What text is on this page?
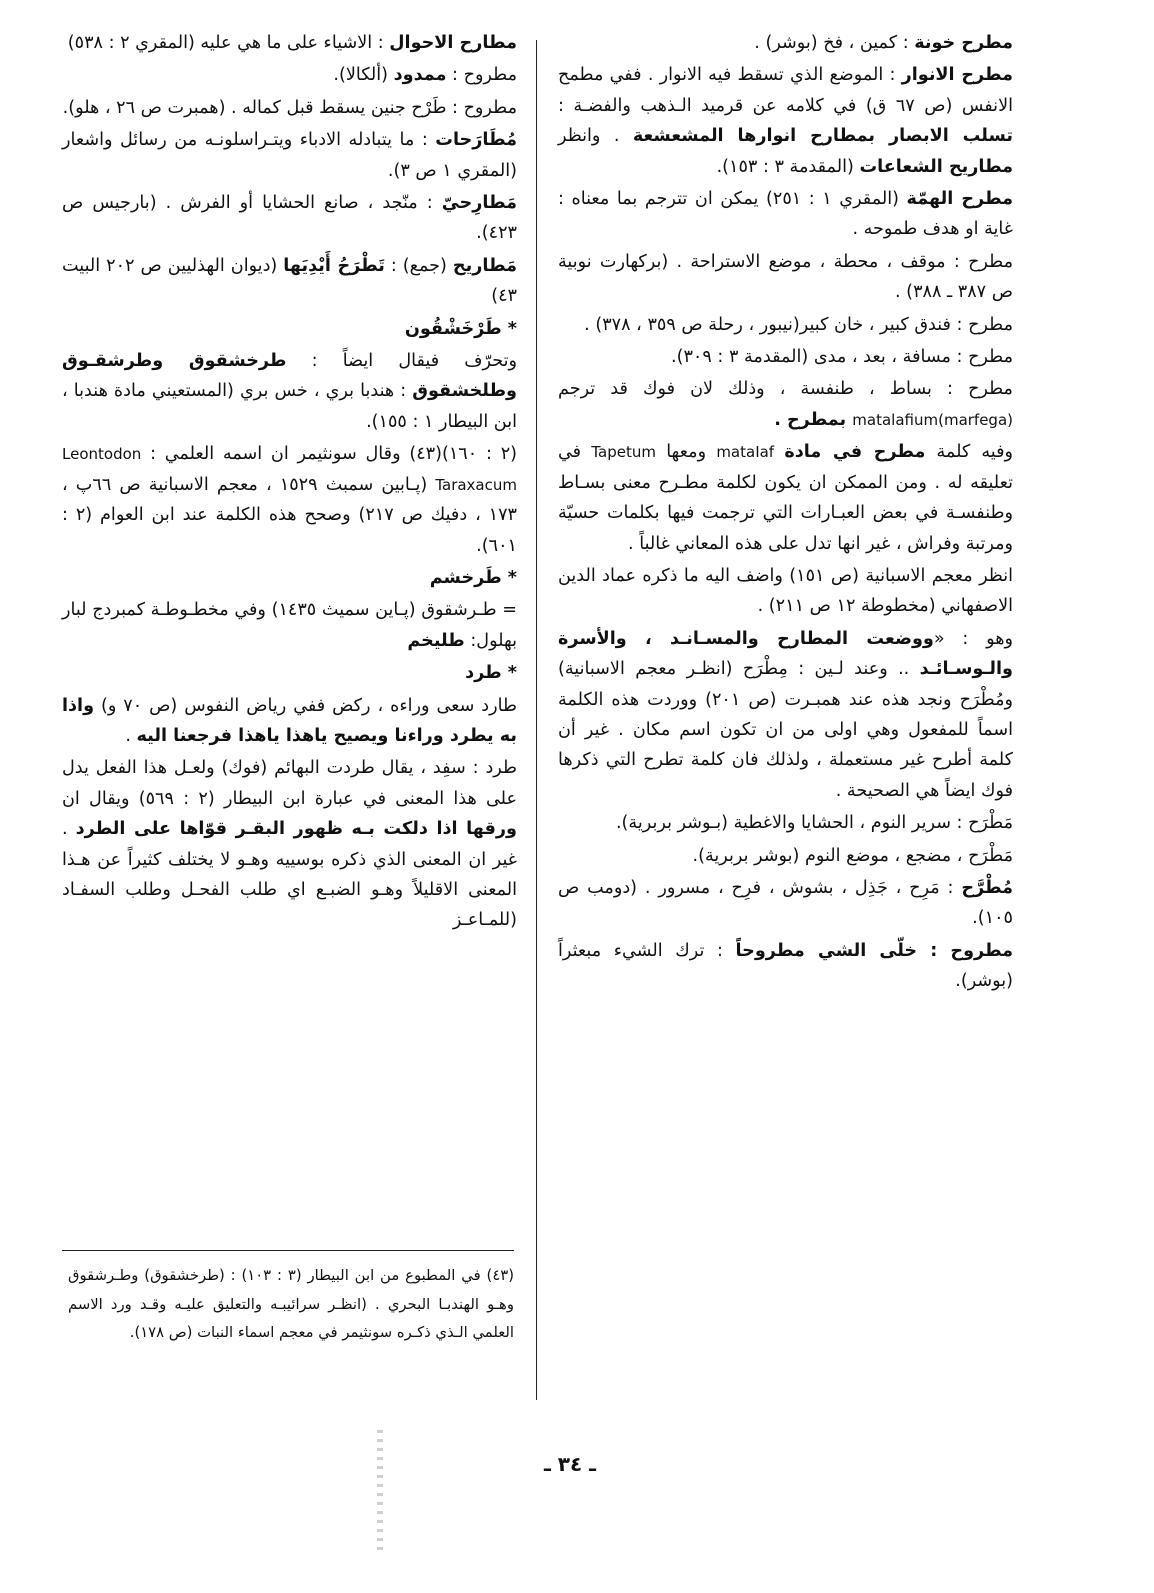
مطرح خونة : كمين ، فخ (بوشر) .

مطرح الانوار : الموضع الذي تسقط فيه الانوار . ففي مطمح الانفس (ص ٦٧ ق) في كلامه عن قرميد الـذهب والفضـة : تسلب الابصار بمطارح انوارها المشعشعة . وانظر مطاريح الشعاعات (المقدمة ٣ : ١٥٣).

مطرح الهمّة (المقري ١ : ٢٥١) يمكن ان تترجم بما معناه : غاية او هدف طموحه .

مطرح : موقف ، محطة ، موضع الاستراحة . (بركهارت نوبية ص ٣٨٧ ـ ٣٨٨) .

مطرح : فندق كبير ، خان كبير(نيبور ، رحلة ص ٣٥٩ ، ٣٧٨) .

مطرح : مسافة ، بعد ، مدى (المقدمة ٣ : ٣٠٩).

مطرح : بساط ، طنفسة ، وذلك لان فوك قد ترجم matalafium(marfega) بمطرح .

وفيه كلمة مطرح في مادة mataIaf ومعها Tapetum في تعليقه له . ومن الممكن ان يكون لكلمة مطـرح معنى بسـاط وطنفسـة في بعض العبـارات التي ترجمت فيها بكلمات حسيّة ومرتبة وفراش ، غير انها تدل على هذه المعاني غالباً .

انظر معجم الاسبانية (ص ١٥١) واضف اليه ما ذكره عماد الدين الاصفهاني (مخطوطة ١٢ ص ٢١١) .

وهو : «ووضعت المطارح والمسـانـد ، والأسرة والـوسـائـد .. وعند لـين : مِطْرَح (انظـر معجم الاسبانية) ومُطْرَح ونجد هذه عند همبـرت (ص ٢٠١) ووردت هذه الكلمة اسماً للمفعول وهي اولى من ان تكون اسم مكان . غير أن كلمة أطرح غير مستعملة ، ولذلك فان كلمة تطرح التي ذكرها فوك ايضاً هي الصحيحة .

مَطْرَح : سرير النوم ، الحشايا والاغطية (بـوشر بربرية).

مَطْرَح ، مضجع ، موضع النوم (بوشر بربرية).

مُطْرَّح : مَرِح ، جَذِل ، بشوش ، فرِح ، مسرور . (دومب ص ١٠٥).

مطروح : خلّى الشي مطروحاً : ترك الشيء مبعثراً (بوشر).

مطارح الاحوال : الاشياء على ما هي عليه (المقري ٢ : ٥٣٨)

مطروح : ممدود (ألكالا).

مطروح : طَرْح جنين يسقط قبل كماله . (همبرت ص ٢٦ ، هلو).

مُطَارَحات : ما يتبادله الادباء ويتـراسلونـه من رسائل واشعار (المقري ١ ص ٣).

مَطارِحيّ : منّجد ، صانع الحشايا أو الفرش . (بارجيس ص ٤٢٣).

مَطاريح (جمع) : تَطْرَحُ أَيْدِيَها (ديوان الهذليين ص ٢٠٢ البيت ٤٣)

* طَرْخَشْقُون

وتحرّف فيقال ايضاً : طرخشقوق وطرشقـوق وطلخشقوق : هندبا بري ، خس بري (المستعيني مادة هندبا ، ابن البيطار ١ : ١٥٥).

(٢ : ١٦٠)(٤٣) وقال سونثيمر ان اسمه العلمي : Leontodon Taraxacum (پـابين سمبث ١٥٢٩ ، معجم الاسبانية ص ٦٦پ ، ١٧٣ ، دفيك ص ٢١٧) وصحح هذه الكلمة عند ابن العوام (٢ : ٦٠١).

* طَرخشم

= طـرشقوق (پـاين سميث ١٤٣٥) وفي مخطـوطـة كمبردج لبار بهلول: طليخم

* طرد

طارد سعى وراءه ، ركض ففي رياض النفوس (ص ٧٠ و) واذا به يطرد وراءنا ويصيح ياهذا ياهذا فرجعنا اليه .

طرد : سفِد ، يقال طردت البهائم (فوك) ولعـل هذا الفعل يدل على هذا المعنى في عبارة ابن البيطار (٢ : ٥٦٩) ويقال ان ورقها اذا دلكت بـه ظهور البقـر قوّاها على الطرد . غير ان المعنى الذي ذكره بوسييه وهـو لا يختلف كثيراً عن هـذا المعنى الاقليلاً وهـو الضبـع اي طلب الفحـل وطلب السفـاد (للمـاعـز

(٤٣) في المطبوع من ابن البيطار (٣ : ١٠٣) : (طرخشقوق) وطـرشقوق وهـو الهندبـا البحري . (انظـر سرائيبـه والتعليق عليـه وقـد ورد الاسم العلمي الـذي ذكـره سونثيمر في معجم اسماء النبات (ص ١٧٨).
ـ ٣٤ ـ
